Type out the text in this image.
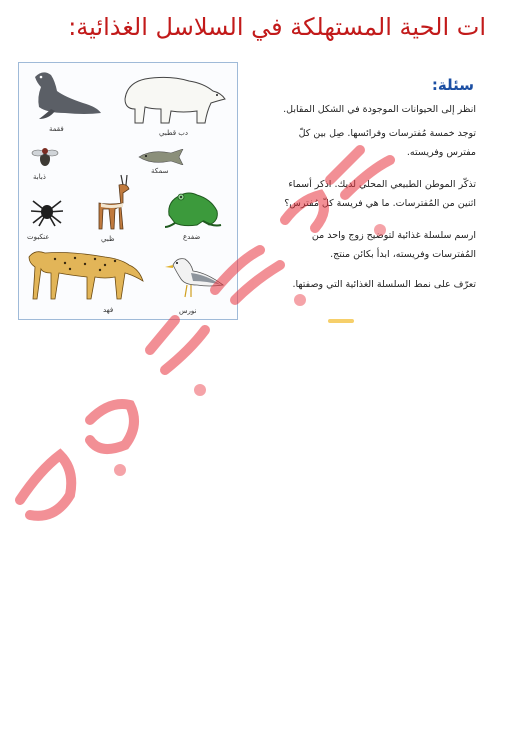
ات الحية المستهلكة في السلاسل الغذائية:
فقمة	دب قطبي
ذبابة
سمكة
عنكبوت	ظبي	ضفدع
فهد	نورس
سئلة:
انظر إلى الحيوانات الموجودة في الشكل المقابل.
توجد خمسة مُفترسات وفرائسها. صِل بين كلّ
مفترس وفريسته.
تذكّر الموطن الطبيعي المحلي لديك. اذكر أسماء
اثنين من المُفترسات. ما هي فريسة كلّ مُفترس؟
ارسم سلسلة غذائية لتوضيح زوج واحد من
المُفترسات وفريسته، ابدأ بكائن منتج.
تعرّف على نمط السلسلة الغذائية التي وصفتها.
